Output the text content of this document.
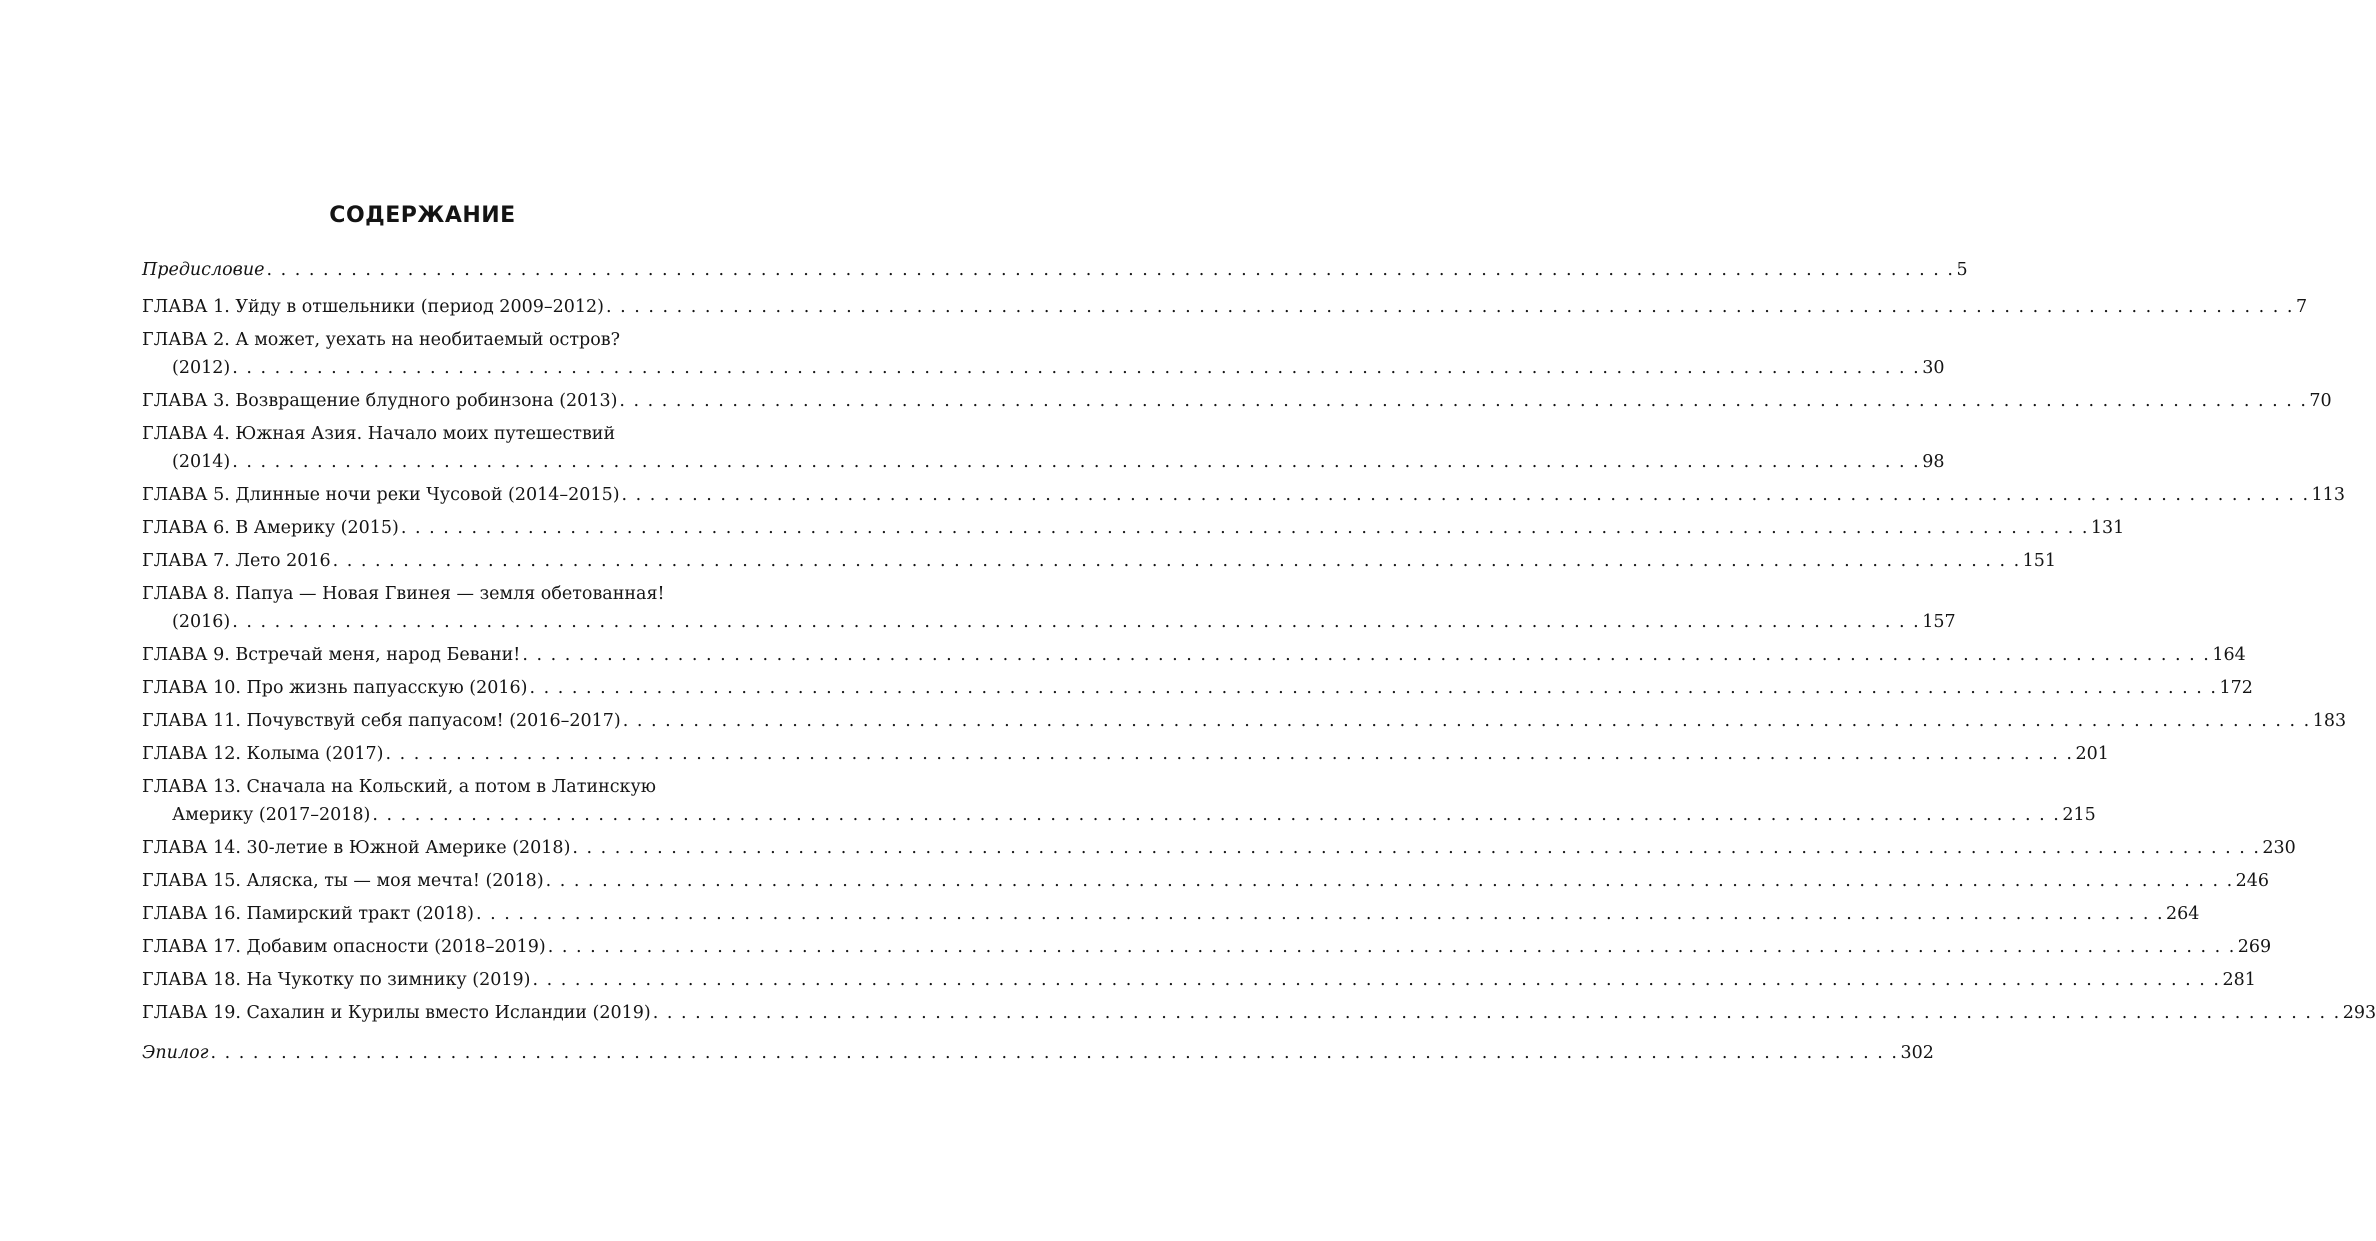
СОДЕРЖАНИЕ
Предисловие . . . . . . . . . . . . . . . . . . . . . . . . . . . . . . . . . . . . . . . . . . . . . . . . . . . . . . . . . . . . . . . . . . . . . . . . . . . . . . . . . . . . . . . . . . . . . . . . . . . . . . . . . . . . . . . . . . . . . . . . 5
ГЛАВА 1. Уйду в отшельники (период 2009–2012) . . . . . . . . . . . . . . . . . . . . . . . . . . . . . . . . . . . . . . . . . . . . . . . . . . . . . . . . . . . . . . . . . . . . . . . . . . . . . . . . . . . . . . . . . . . . . . . . . . . . . . . . . . . . . . . . . . . . . . . . 7
ГЛАВА 2. А может, уехать на необитаемый остров?
(2012) . . . . . . . . . . . . . . . . . . . . . . . . . . . . . . . . . . . . . . . . . . . . . . . . . . . . . . . . . . . . . . . . . . . . . . . . . . . . . . . . . . . . . . . . . . . . . . . . . . . . . . . . . . . . . . . . . . . . . . . . 30
ГЛАВА 3. Возвращение блудного робинзона (2013) . . . . . . . . . . . . . . . . . . . . . . . . . . . . . . . . . . . . . . . . . . . . . . . . . . . . . . . . . . . . . . . . . . . . . . . . . . . . . . . . . . . . . . . . . . . . . . . . . . . . . . . . . . . . . . . . . . . . . . . . 70
ГЛАВА 4. Южная Азия. Начало моих путешествий
(2014) . . . . . . . . . . . . . . . . . . . . . . . . . . . . . . . . . . . . . . . . . . . . . . . . . . . . . . . . . . . . . . . . . . . . . . . . . . . . . . . . . . . . . . . . . . . . . . . . . . . . . . . . . . . . . . . . . . . . . . . . 98
ГЛАВА 5. Длинные ночи реки Чусовой (2014–2015) . . . . . . . . . . . . . . . . . . . . . . . . . . . . . . . . . . . . . . . . . . . . . . . . . . . . . . . . . . . . . . . . . . . . . . . . . . . . . . . . . . . . . . . . . . . . . . . . . . . . . . . . . . . . . . . . . . . . . . . . 113
ГЛАВА 6. В Америку (2015) . . . . . . . . . . . . . . . . . . . . . . . . . . . . . . . . . . . . . . . . . . . . . . . . . . . . . . . . . . . . . . . . . . . . . . . . . . . . . . . . . . . . . . . . . . . . . . . . . . . . . . . . . . . . . . . . . . . . . . . . 131
ГЛАВА 7. Лето 2016 . . . . . . . . . . . . . . . . . . . . . . . . . . . . . . . . . . . . . . . . . . . . . . . . . . . . . . . . . . . . . . . . . . . . . . . . . . . . . . . . . . . . . . . . . . . . . . . . . . . . . . . . . . . . . . . . . . . . . . . . 151
ГЛАВА 8. Папуа — Новая Гвинея — земля обетованная!
(2016) . . . . . . . . . . . . . . . . . . . . . . . . . . . . . . . . . . . . . . . . . . . . . . . . . . . . . . . . . . . . . . . . . . . . . . . . . . . . . . . . . . . . . . . . . . . . . . . . . . . . . . . . . . . . . . . . . . . . . . . . 157
ГЛАВА 9. Встречай меня, народ Бевани! . . . . . . . . . . . . . . . . . . . . . . . . . . . . . . . . . . . . . . . . . . . . . . . . . . . . . . . . . . . . . . . . . . . . . . . . . . . . . . . . . . . . . . . . . . . . . . . . . . . . . . . . . . . . . . . . . . . . . . . . 164
ГЛАВА 10. Про жизнь папуасскую (2016) . . . . . . . . . . . . . . . . . . . . . . . . . . . . . . . . . . . . . . . . . . . . . . . . . . . . . . . . . . . . . . . . . . . . . . . . . . . . . . . . . . . . . . . . . . . . . . . . . . . . . . . . . . . . . . . . . . . . . . . . 172
ГЛАВА 11. Почувствуй себя папуасом! (2016–2017) . . . . . . . . . . . . . . . . . . . . . . . . . . . . . . . . . . . . . . . . . . . . . . . . . . . . . . . . . . . . . . . . . . . . . . . . . . . . . . . . . . . . . . . . . . . . . . . . . . . . . . . . . . . . . . . . . . . . . . . . 183
ГЛАВА 12. Колыма (2017) . . . . . . . . . . . . . . . . . . . . . . . . . . . . . . . . . . . . . . . . . . . . . . . . . . . . . . . . . . . . . . . . . . . . . . . . . . . . . . . . . . . . . . . . . . . . . . . . . . . . . . . . . . . . . . . . . . . . . . . . 201
ГЛАВА 13. Сначала на Кольский, а потом в Латинскую
Америку (2017–2018) . . . . . . . . . . . . . . . . . . . . . . . . . . . . . . . . . . . . . . . . . . . . . . . . . . . . . . . . . . . . . . . . . . . . . . . . . . . . . . . . . . . . . . . . . . . . . . . . . . . . . . . . . . . . . . . . . . . . . . . . 215
ГЛАВА 14. 30-летие в Южной Америке (2018) . . . . . . . . . . . . . . . . . . . . . . . . . . . . . . . . . . . . . . . . . . . . . . . . . . . . . . . . . . . . . . . . . . . . . . . . . . . . . . . . . . . . . . . . . . . . . . . . . . . . . . . . . . . . . . . . . . . . . . . . 230
ГЛАВА 15. Аляска, ты — моя мечта! (2018) . . . . . . . . . . . . . . . . . . . . . . . . . . . . . . . . . . . . . . . . . . . . . . . . . . . . . . . . . . . . . . . . . . . . . . . . . . . . . . . . . . . . . . . . . . . . . . . . . . . . . . . . . . . . . . . . . . . . . . . . 246
ГЛАВА 16. Памирский тракт (2018) . . . . . . . . . . . . . . . . . . . . . . . . . . . . . . . . . . . . . . . . . . . . . . . . . . . . . . . . . . . . . . . . . . . . . . . . . . . . . . . . . . . . . . . . . . . . . . . . . . . . . . . . . . . . . . . . . . . . . . . . 264
ГЛАВА 17. Добавим опасности (2018–2019) . . . . . . . . . . . . . . . . . . . . . . . . . . . . . . . . . . . . . . . . . . . . . . . . . . . . . . . . . . . . . . . . . . . . . . . . . . . . . . . . . . . . . . . . . . . . . . . . . . . . . . . . . . . . . . . . . . . . . . . . 269
ГЛАВА 18. На Чукотку по зимнику (2019) . . . . . . . . . . . . . . . . . . . . . . . . . . . . . . . . . . . . . . . . . . . . . . . . . . . . . . . . . . . . . . . . . . . . . . . . . . . . . . . . . . . . . . . . . . . . . . . . . . . . . . . . . . . . . . . . . . . . . . . . 281
ГЛАВА 19. Сахалин и Курилы вместо Исландии (2019) . . . . . . . . . . . . . . . . . . . . . . . . . . . . . . . . . . . . . . . . . . . . . . . . . . . . . . . . . . . . . . . . . . . . . . . . . . . . . . . . . . . . . . . . . . . . . . . . . . . . . . . . . . . . . . . . . . . . . . . . 293
Эпилог . . . . . . . . . . . . . . . . . . . . . . . . . . . . . . . . . . . . . . . . . . . . . . . . . . . . . . . . . . . . . . . . . . . . . . . . . . . . . . . . . . . . . . . . . . . . . . . . . . . . . . . . . . . . . . . . . . . . . . . . 302
